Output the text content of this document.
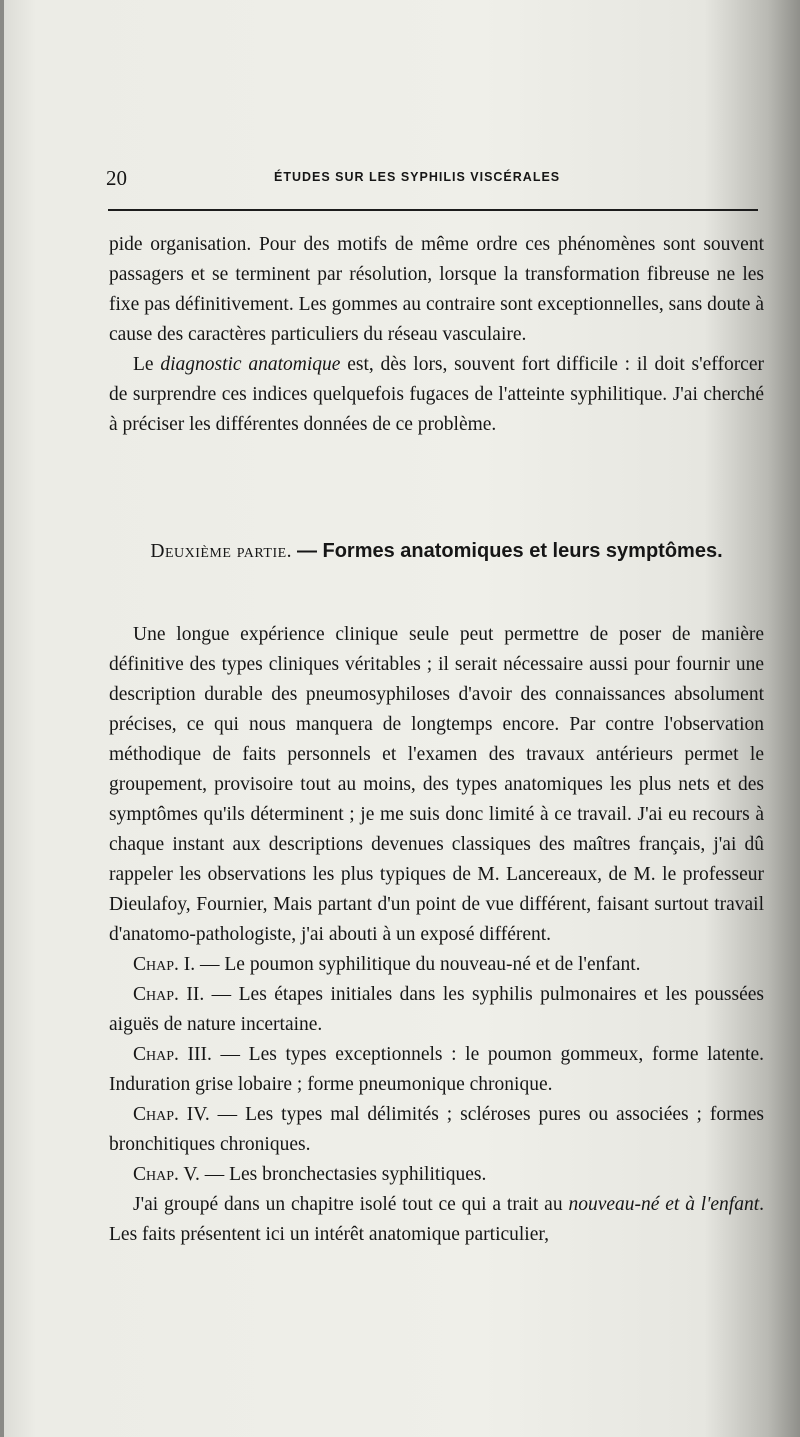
20	ÉTUDES SUR LES SYPHILIS VISCÉRALES

pide organisation. Pour des motifs de même ordre ces phénomènes sont souvent passagers et se terminent par résolution, lorsque la transformation fibreuse ne les fixe pas définitivement. Les gommes au contraire sont exceptionnelles, sans doute à cause des caractères particuliers du réseau vasculaire.

Le diagnostic anatomique est, dès lors, souvent fort difficile : il doit s'efforcer de surprendre ces indices quelquefois fugaces de l'atteinte syphilitique. J'ai cherché à préciser les différentes données de ce problème.

Deuxième partie. — Formes anatomiques et leurs symptômes.

Une longue expérience clinique seule peut permettre de poser de manière définitive des types cliniques véritables ; il serait nécessaire aussi pour fournir une description durable des pneumosyphiloses d'avoir des connaissances absolument précises, ce qui nous manquera de longtemps encore. Par contre l'observation méthodique de faits personnels et l'examen des travaux antérieurs permet le groupement, provisoire tout au moins, des types anatomiques les plus nets et des symptômes qu'ils déterminent ; je me suis donc limité à ce travail. J'ai eu recours à chaque instant aux descriptions devenues classiques des maîtres français, j'ai dû rappeler les observations les plus typiques de M. Lancereaux, de M. le professeur Dieulafoy, Fournier, Mais partant d'un point de vue différent, faisant surtout travail d'anatomo-pathologiste, j'ai abouti à un exposé différent.

Chap. I. — Le poumon syphilitique du nouveau-né et de l'enfant.

Chap. II. — Les étapes initiales dans les syphilis pulmonaires et les poussées aiguës de nature incertaine.

Chap. III. — Les types exceptionnels : le poumon gommeux, forme latente. Induration grise lobaire ; forme pneumonique chronique.

Chap. IV. — Les types mal délimités ; scléroses pures ou associées ; formes bronchitiques chroniques.

Chap. V. — Les bronchectasies syphilitiques.

J'ai groupé dans un chapitre isolé tout ce qui a trait au nouveau-né et à l'enfant. Les faits présentent ici un intérêt anatomique particulier,
